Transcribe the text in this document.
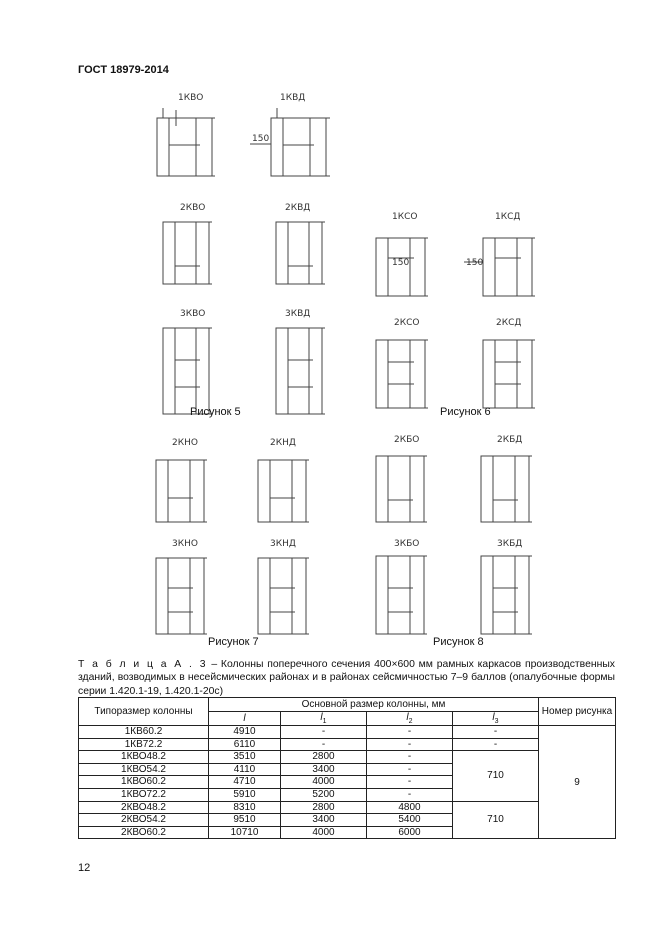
ГОСТ 18979-2014
1КВО	1КВД
2КВО	2КВД
3КВО	3КВД
1КСО	1КСД
2КСО	2КСД
2КНО	2КНД
3КНО	3КНД
2КБО	2КБД
3КБО	3КБД
150
150
150
Рисунок 5	Рисунок 6
Рисунок 7	Рисунок 8
Т а б л и ц а А . 3 – Колонны поперечного сечения 400×600 мм рамных каркасов производственных зданий, возводимых в несейсмических районах и в районах сейсмичностью 7–9 баллов (опалубочные формы серии 1.420.1-19, 1.420.1-20с)
Типоразмер колонны	Основной размер колонны, мм				Номер рисунка
	l	$l_1$	$l_2$	$l_3$
1КВ60.2	4910	-	-	-	9
1КВ72.2	6110	-	-	-	
1КВО48.2	3510	2800	-	710	
1КВО54.2	4110	3400	-		
1КВО60.2	4710	4000	-		
1КВО72.2	5910	5200	-		
2КВО48.2	8310	2800	4800	710	
2КВО54.2	9510	3400	5400		
2КВО60.2	10710	4000	6000		
12
